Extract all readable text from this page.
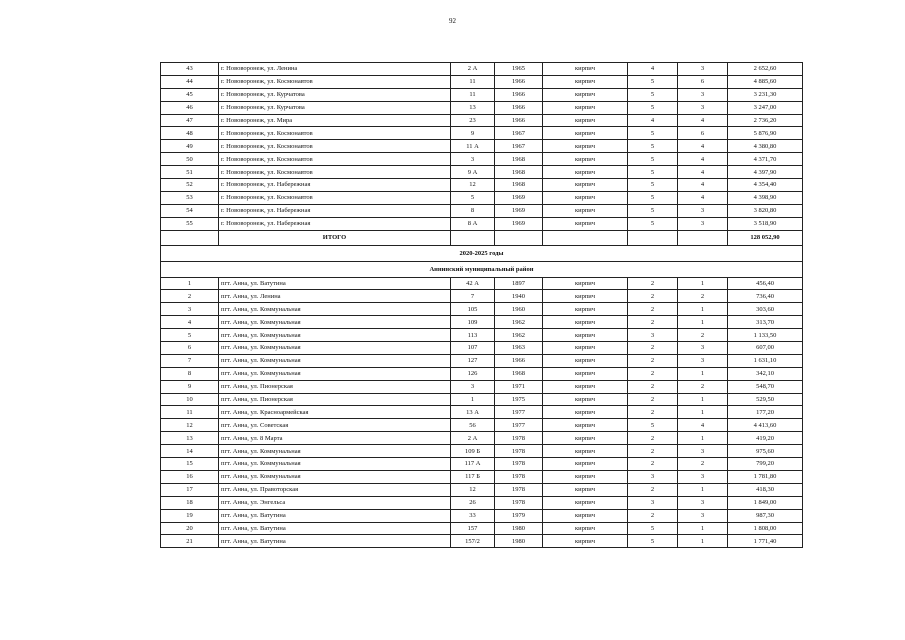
92
43	г. Нововоронеж, ул. Ленина	2 А	1965	кирпич	4	3	2 652,60
44	г. Нововоронеж, ул. Космонавтов	11	1966	кирпич	5	6	4 885,60
45	г. Нововоронеж, ул. Курчатова	11	1966	кирпич	5	3	3 231,30
46	г. Нововоронеж, ул. Курчатова	13	1966	кирпич	5	3	3 247,00
47	г. Нововоронеж, ул. Мира	23	1966	кирпич	4	4	2 736,20
48	г. Нововоронеж, ул. Космонавтов	9	1967	кирпич	5	6	5 876,90
49	г. Нововоронеж, ул. Космонавтов	11 А	1967	кирпич	5	4	4 380,80
50	г. Нововоронеж, ул. Космонавтов	3	1968	кирпич	5	4	4 371,70
51	г. Нововоронеж, ул. Космонавтов	9 А	1968	кирпич	5	4	4 397,90
52	г. Нововоронеж, ул. Набережная	12	1968	кирпич	5	4	4 354,40
53	г. Нововоронеж, ул. Космонавтов	5	1969	кирпич	5	4	4 398,90
54	г. Нововоронеж, ул. Набережная	8	1969	кирпич	5	3	3 820,80
55	г. Нововоронеж, ул. Набережная	8 А	1969	кирпич	5	3	3 518,90
	ИТОГО						128 052,90
2020-2025 годы							
Аннинский муниципальный район							
1	пгт. Анна, ул. Ватутина	42 А	1897	кирпич	2	1	456,40
2	пгт. Анна, ул. Ленина	7	1940	кирпич	2	2	736,40
3	пгт. Анна, ул. Коммунальная	105	1960	кирпич	2	1	303,60
4	пгт. Анна, ул. Коммунальная	109	1962	кирпич	2	1	313,70
5	пгт. Анна, ул. Коммунальная	113	1962	кирпич	3	2	1 133,50
6	пгт. Анна, ул. Коммунальная	107	1963	кирпич	2	3	607,00
7	пгт. Анна, ул. Коммунальная	127	1966	кирпич	2	3	1 631,10
8	пгт. Анна, ул. Коммунальная	126	1968	кирпич	2	1	342,10
9	пгт. Анна, ул. Пионерская	3	1971	кирпич	2	2	548,70
10	пгт. Анна, ул. Пионерская	1	1975	кирпич	2	1	529,50
11	пгт. Анна, ул. Красноармейская	13 А	1977	кирпич	2	1	177,20
12	пгт. Анна, ул. Советская	56	1977	кирпич	5	4	4 413,60
13	пгт. Анна, ул. 8 Марта	2 А	1978	кирпич	2	1	419,20
14	пгт. Анна, ул. Коммунальная	109 Б	1978	кирпич	2	3	975,60
15	пгт. Анна, ул. Коммунальная	117 А	1978	кирпич	2	2	799,20
16	пгт. Анна, ул. Коммунальная	117 Б	1978	кирпич	3	3	1 781,80
17	пгт. Анна, ул. Правоторская	12	1978	кирпич	2	1	418,30
18	пгт. Анна, ул. Энгельса	26	1978	кирпич	3	3	1 849,00
19	пгт. Анна, ул. Ватутина	33	1979	кирпич	2	3	987,30
20	пгт. Анна, ул. Ватутина	157	1980	кирпич	5	1	1 808,00
21	пгт. Анна, ул. Ватутина	157/2	1980	кирпич	5	1	1 771,40
